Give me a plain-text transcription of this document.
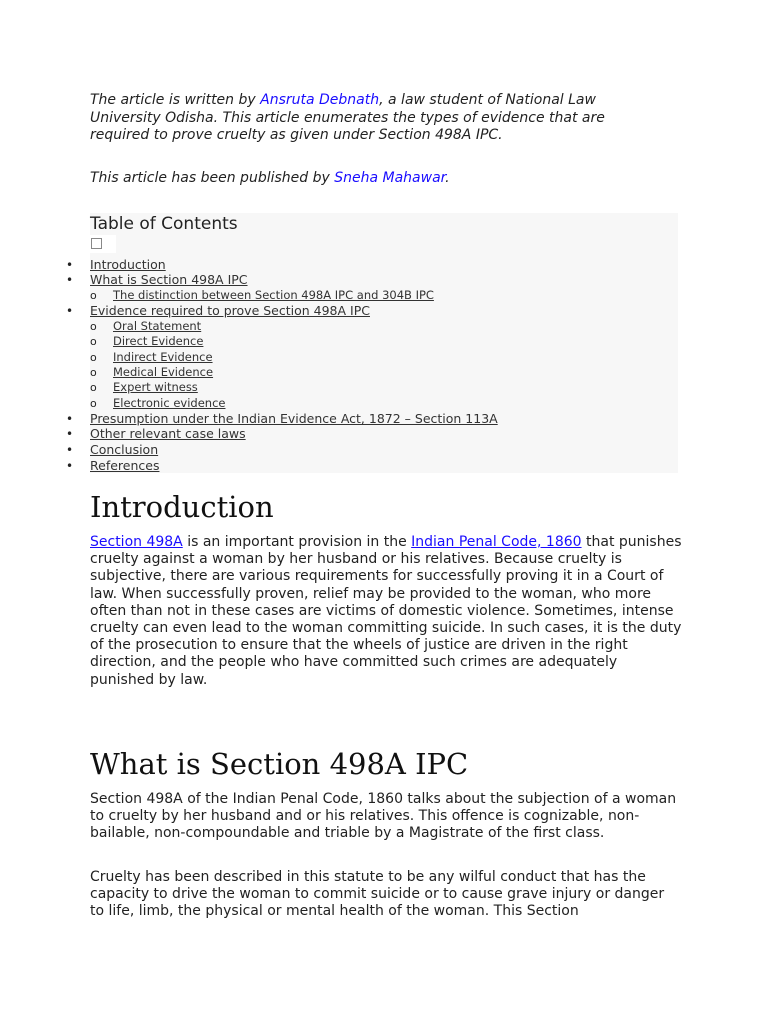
The article is written by Ansruta Debnath, a law student of National Law University Odisha. This article enumerates the types of evidence that are required to prove cruelty as given under Section 498A IPC.

This article has been published by Sneha Mahawar.

Table of Contents

• Introduction
• What is Section 498A IPC
o The distinction between Section 498A IPC and 304B IPC
• Evidence required to prove Section 498A IPC
o Oral Statement
o Direct Evidence
o Indirect Evidence
o Medical Evidence
o Expert witness
o Electronic evidence
• Presumption under the Indian Evidence Act, 1872 – Section 113A
• Other relevant case laws
• Conclusion
• References
Introduction

Section 498A is an important provision in the Indian Penal Code, 1860 that punishes cruelty against a woman by her husband or his relatives. Because cruelty is subjective, there are various requirements for successfully proving it in a Court of law. When successfully proven, relief may be provided to the woman, who more often than not in these cases are victims of domestic violence. Sometimes, intense cruelty can even lead to the woman committing suicide. In such cases, it is the duty of the prosecution to ensure that the wheels of justice are driven in the right direction, and the people who have committed such crimes are adequately punished by law.

What is Section 498A IPC

Section 498A of the Indian Penal Code, 1860 talks about the subjection of a woman to cruelty by her husband and or his relatives. This offence is cognizable, non-bailable, non-compoundable and triable by a Magistrate of the first class.

Cruelty has been described in this statute to be any wilful conduct that has the capacity to drive the woman to commit suicide or to cause grave injury or danger to life, limb, the physical or mental health of the woman. This Section
